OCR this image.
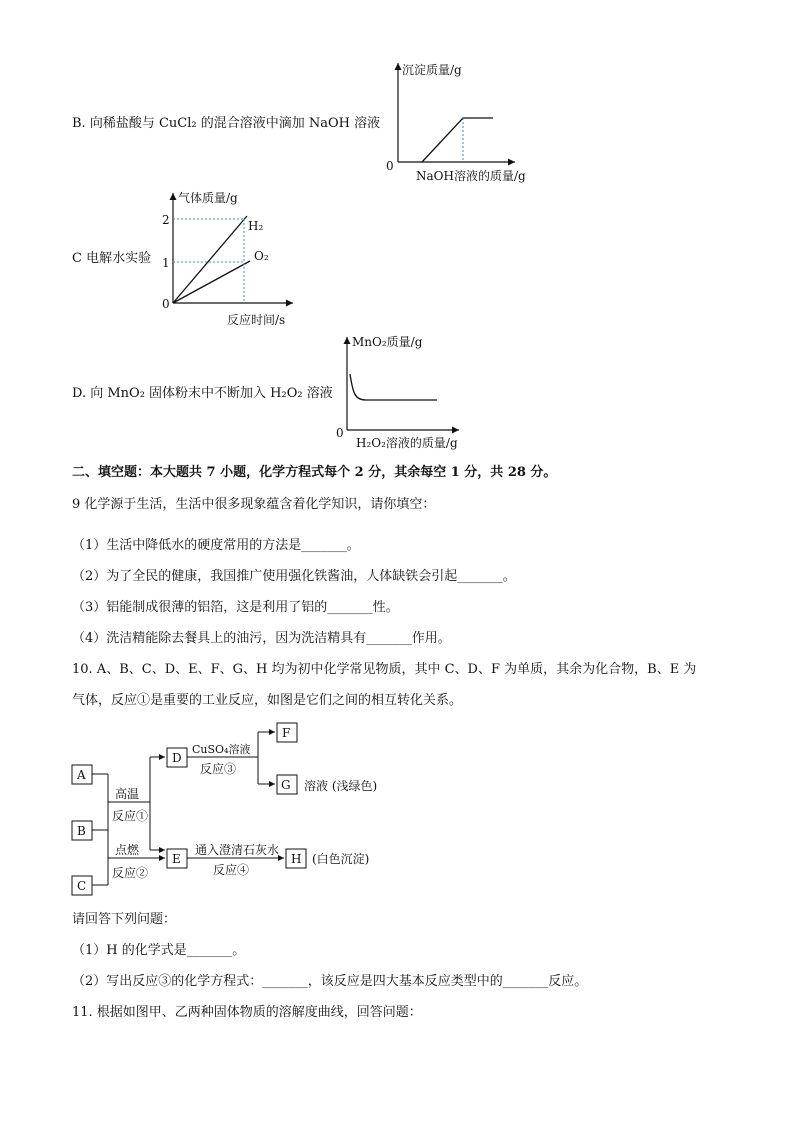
B. 向稀盐酸与 CuCl₂ 的混合溶液中滴加 NaOH 溶液
沉淀质量/g
0
NaOH溶液的质量/g
C 电解水实验
气体质量/g
2
1
0
H₂
O₂
反应时间/s
D. 向 MnO₂ 固体粉末中不断加入 H₂O₂ 溶液
MnO₂质量/g
0
H₂O₂溶液的质量/g
二、填空题：本大题共 7 小题，化学方程式每个 2 分，其余每空 1 分，共 28 分。
9 化学源于生活，生活中很多现象蕴含着化学知识，请你填空：
（1）生活中降低水的硬度常用的方法是_______。
（2）为了全民的健康，我国推广使用强化铁酱油，人体缺铁会引起_______。
（3）铝能制成很薄的铝箔，这是利用了铝的_______性。
（4）洗洁精能除去餐具上的油污，因为洗洁精具有_______作用。
10. A、B、C、D、E、F、G、H 均为初中化学常见物质，其中 C、D、F 为单质，其余为化合物，B、E 为
气体，反应①是重要的工业反应，如图是它们之间的相互转化关系。
A
B
C
D
E
F
G
H
高温
反应①
点燃
反应②
CuSO₄溶液
反应③
溶液 (浅绿色)
通入澄清石灰水
反应④
(白色沉淀)
请回答下列问题：
（1）H 的化学式是_______。
（2）写出反应③的化学方程式：_______，该反应是四大基本反应类型中的_______反应。
11. 根据如图甲、乙两种固体物质的溶解度曲线，回答问题：
